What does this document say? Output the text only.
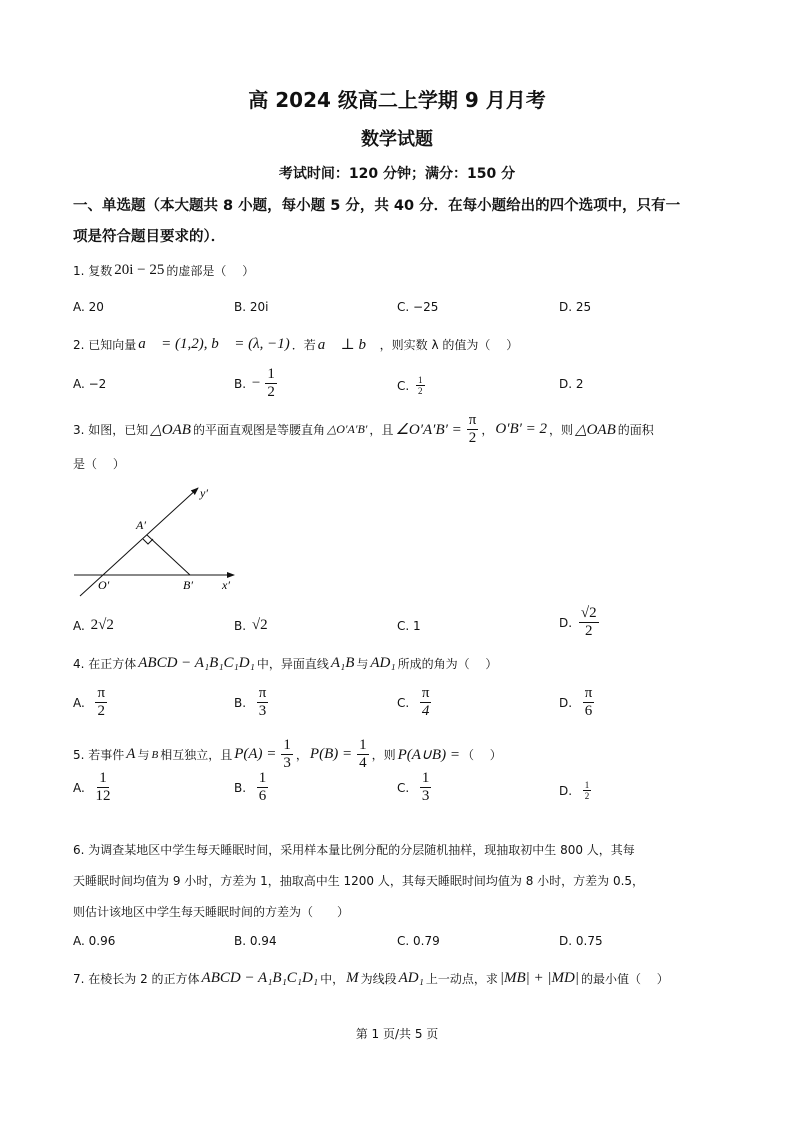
高 2024 级高二上学期 9 月月考
数学试题
考试时间：120 分钟；满分：150 分
一、单选题（本大题共 8 小题，每小题 5 分，共 40 分．在每小题给出的四个选项中，只有一
项是符合题目要求的）．
1. 复数 20i − 25 的虚部是（　 ）
A. 20	B. 20i	C. −25	D. 25
2. 已知向量 a⃗ = (1,2), b⃗ = (λ, −1) ．若 a⃗ ⊥ b⃗ ，则实数 λ 的值为（　 ）
A. −2	B.
− $\frac{1}{2}$	C.
$\frac{1}{2}$	D. 2
3. 如图，已知 △OAB 的平面直观图是等腰直角 △O′A′B′ ，且 ∠O′A′B′ = $\frac{\pi}{2}$ ， O′B′ = 2 ，则 △OAB 的面积
是（　 ）
y′
x′
A′
O′	B′
A.
2√2	B.
√2	C. 1	D.
$\frac{√2}{2}$
4. 在正方体 ABCD − A₁B₁C₁D₁ 中，异面直线 A₁B 与 AD₁ 所成的角为（　 ）
A.
$\frac{\pi}{2}$	B.
$\frac{\pi}{3}$	C.
$\frac{\pi}{4}$	D.
$\frac{\pi}{6}$
5. 若事件 A 与 B 相互独立，且 $P(A) = \frac{1}{3}$ ， $P(B) = \frac{1}{4}$ ，则 P(A∪B) = （　 ）
A.
$\frac{1}{12}$	B.
$\frac{1}{6}$	C.
$\frac{1}{3}$	D.
$\frac{1}{2}$
6. 为调查某地区中学生每天睡眠时间，采用样本量比例分配的分层随机抽样，现抽取初中生 800 人，其每
天睡眠时间均值为 9 小时，方差为 1，抽取高中生 1200 人，其每天睡眠时间均值为 8 小时，方差为 0.5，
则估计该地区中学生每天睡眠时间的方差为（　　）
A. 0.96	B. 0.94	C. 0.79	D. 0.75
7. 在棱长为 2 的正方体 ABCD − A₁B₁C₁D₁ 中， M 为线段 AD₁ 上一动点，求 |MB| + |MD| 的最小值（　 ）
第 1 页/共 5 页
